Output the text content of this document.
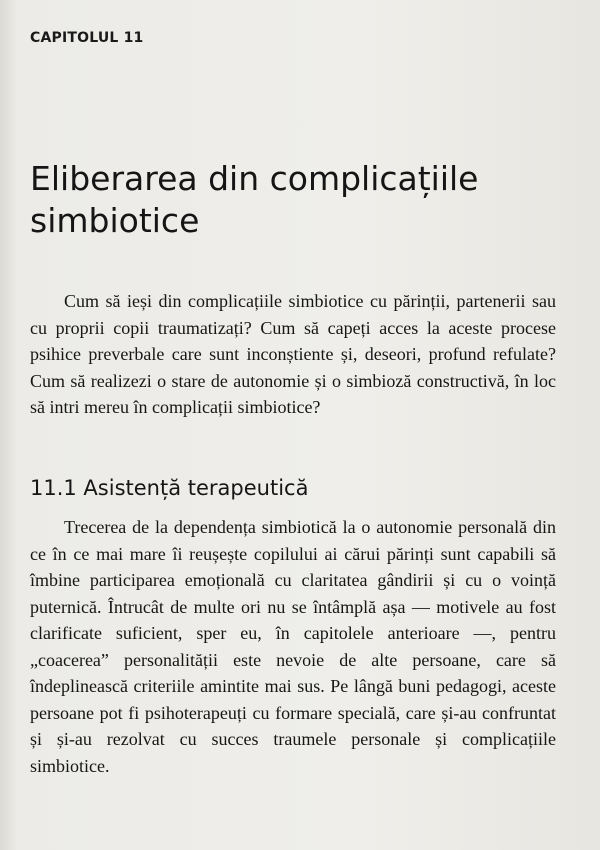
CAPITOLUL 11
Eliberarea din complicațiile simbiotice

Cum să ieși din complicațiile simbiotice cu părinții, partenerii sau cu proprii copii traumatizați? Cum să capeți acces la aceste procese psihice preverbale care sunt inconștiente și, deseori, profund refulate? Cum să realizezi o stare de autonomie și o simbioză constructivă, în loc să intri mereu în complicații simbiotice?

11.1 Asistență terapeutică

Trecerea de la dependența simbiotică la o autonomie personală din ce în ce mai mare îi reușește copilului ai cărui părinți sunt capabili să îmbine participarea emoțională cu claritatea gândirii și cu o voință puternică. Întrucât de multe ori nu se întâmplă așa — motivele au fost clarificate suficient, sper eu, în capitolele anterioare —, pentru „coacerea” personalității este nevoie de alte persoane, care să îndeplinească criteriile amintite mai sus. Pe lângă buni pedagogi, aceste persoane pot fi psihoterapeuți cu formare specială, care și-au confruntat și și-au rezolvat cu succes traumele personale și complicațiile simbiotice.
